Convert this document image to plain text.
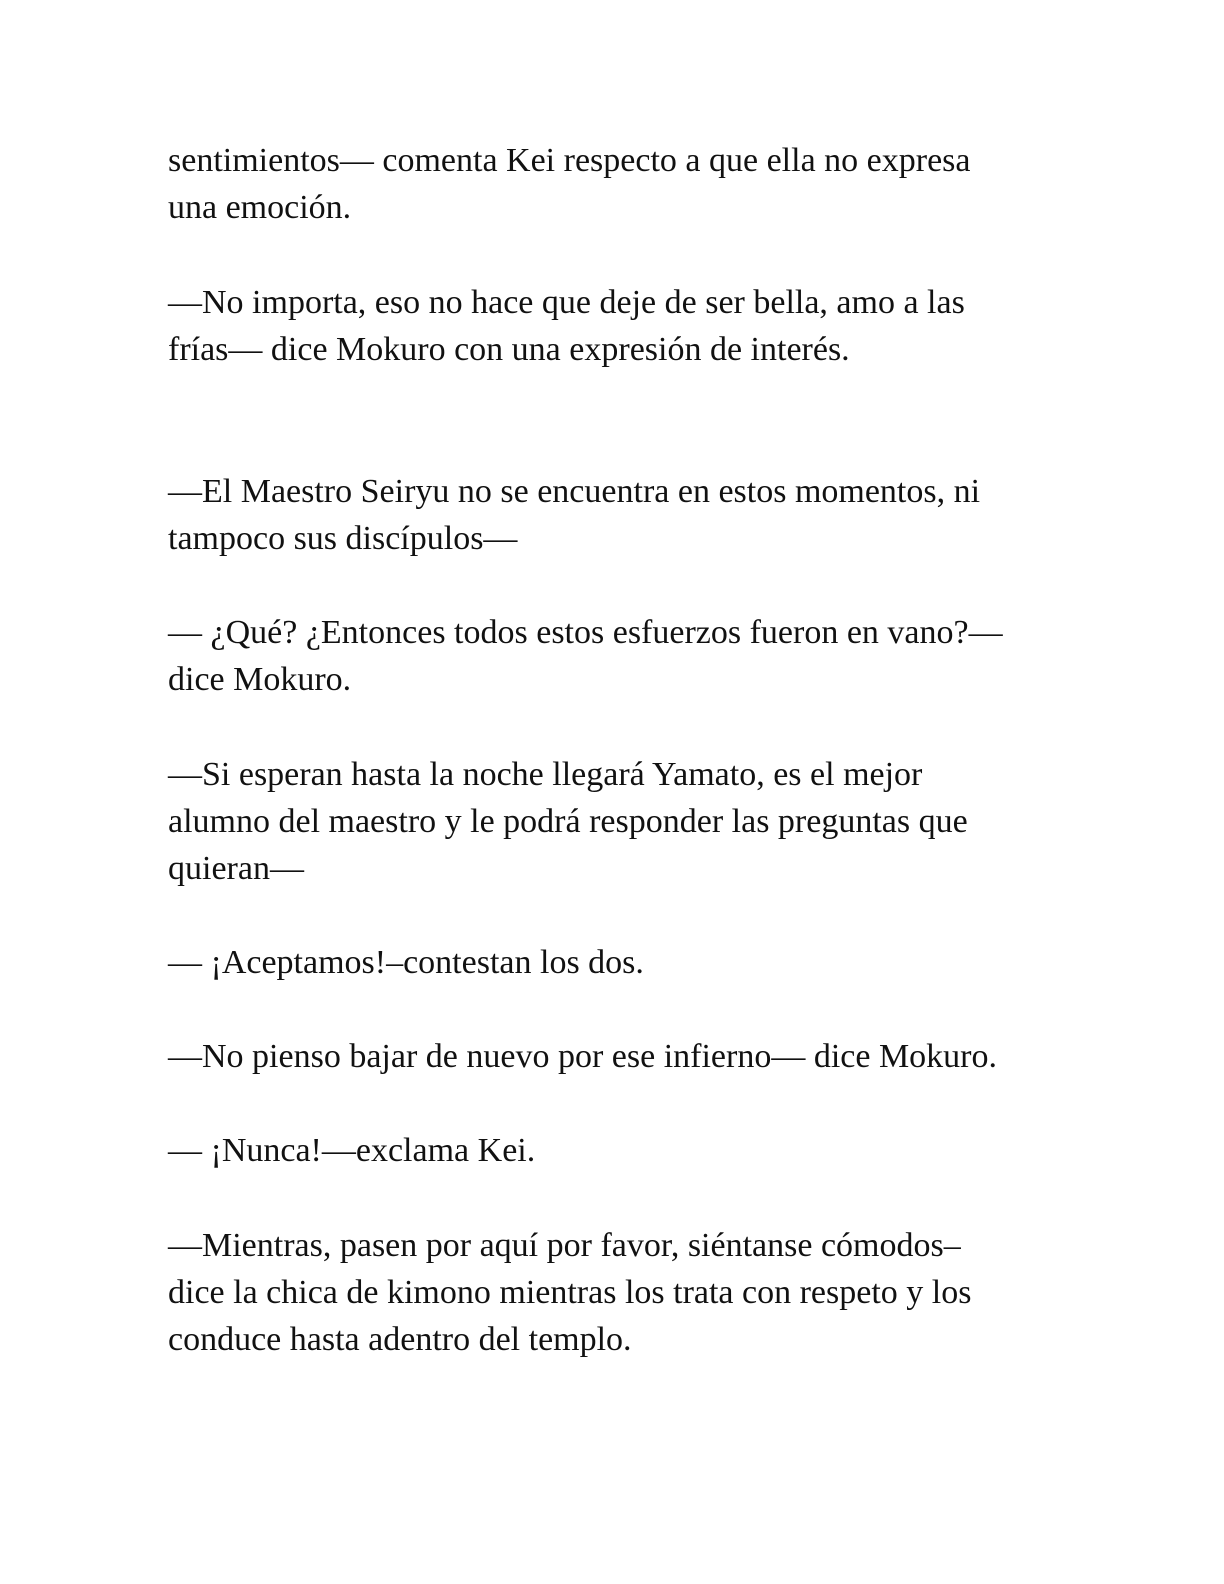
sentimientos— comenta Kei respecto a que ella no expresa
una emoción.

—No importa, eso no hace que deje de ser bella, amo a las
frías— dice Mokuro con una expresión de interés.

—El Maestro Seiryu no se encuentra en estos momentos, ni
tampoco sus discípulos—

— ¿Qué? ¿Entonces todos estos esfuerzos fueron en vano?—
dice Mokuro.

—Si esperan hasta la noche llegará Yamato, es el mejor
alumno del maestro y le podrá responder las preguntas que
quieran—

— ¡Aceptamos!–contestan los dos.

—No pienso bajar de nuevo por ese infierno— dice Mokuro.

— ¡Nunca!—exclama Kei.

—Mientras, pasen por aquí por favor, siéntanse cómodos–
dice la chica de kimono mientras los trata con respeto y los
conduce hasta adentro del templo.
